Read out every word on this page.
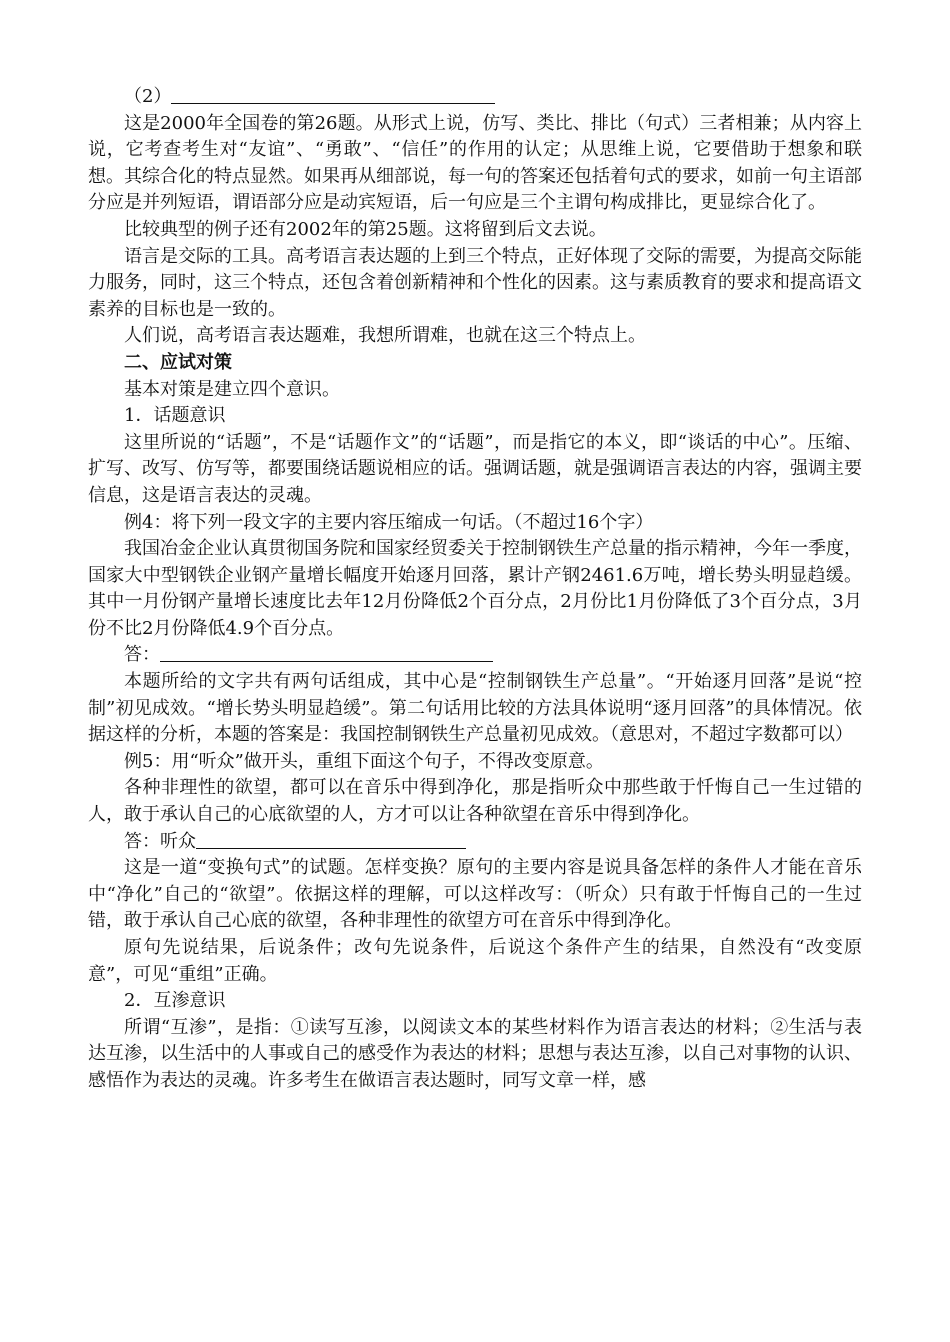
（2）

这是2000年全国卷的第26题。从形式上说，仿写、类比、排比（句式）三者相兼；从内容上说，它考查考生对“友谊”、“勇敢”、“信任”的作用的认定；从思维上说，它要借助于想象和联想。其综合化的特点显然。如果再从细部说，每一句的答案还包括着句式的要求，如前一句主语部分应是并列短语，谓语部分应是动宾短语，后一句应是三个主谓句构成排比，更显综合化了。

比较典型的例子还有2002年的第25题。这将留到后文去说。

语言是交际的工具。高考语言表达题的上到三个特点，正好体现了交际的需要，为提高交际能力服务，同时，这三个特点，还包含着创新精神和个性化的因素。这与素质教育的要求和提高语文素养的目标也是一致的。

人们说，高考语言表达题难，我想所谓难，也就在这三个特点上。

二、应试对策

基本对策是建立四个意识。

1．话题意识

这里所说的“话题”，不是“话题作文”的“话题”，而是指它的本义，即“谈话的中心”。压缩、扩写、改写、仿写等，都要围绕话题说相应的话。强调话题，就是强调语言表达的内容，强调主要信息，这是语言表达的灵魂。

例4：将下列一段文字的主要内容压缩成一句话。（不超过16个字）

我国冶金企业认真贯彻国务院和国家经贸委关于控制钢铁生产总量的指示精神，今年一季度，国家大中型钢铁企业钢产量增长幅度开始逐月回落，累计产钢2461.6万吨，增长势头明显趋缓。其中一月份钢产量增长速度比去年12月份降低2个百分点，2月份比1月份降低了3个百分点，3月份不比2月份降低4.9个百分点。

答：

本题所给的文字共有两句话组成，其中心是“控制钢铁生产总量”。“开始逐月回落”是说“控制”初见成效。“增长势头明显趋缓”。第二句话用比较的方法具体说明“逐月回落”的具体情况。依据这样的分析，本题的答案是：我国控制钢铁生产总量初见成效。（意思对，不超过字数都可以）

例5：用“听众”做开头，重组下面这个句子，不得改变原意。

各种非理性的欲望，都可以在音乐中得到净化，那是指听众中那些敢于忏悔自己一生过错的人，敢于承认自己的心底欲望的人，方才可以让各种欲望在音乐中得到净化。

答：听众

这是一道“变换句式”的试题。怎样变换？原句的主要内容是说具备怎样的条件人才能在音乐中“净化”自己的“欲望”。依据这样的理解，可以这样改写：（听众）只有敢于忏悔自己的一生过错，敢于承认自己心底的欲望，各种非理性的欲望方可在音乐中得到净化。

原句先说结果，后说条件；改句先说条件，后说这个条件产生的结果，自然没有“改变原意”，可见“重组”正确。

2．互渗意识

所谓“互渗”，是指：①读写互渗，以阅读文本的某些材料作为语言表达的材料；②生活与表达互渗，以生活中的人事或自己的感受作为表达的材料；思想与表达互渗，以自己对事物的认识、感悟作为表达的灵魂。许多考生在做语言表达题时，同写文章一样，感
